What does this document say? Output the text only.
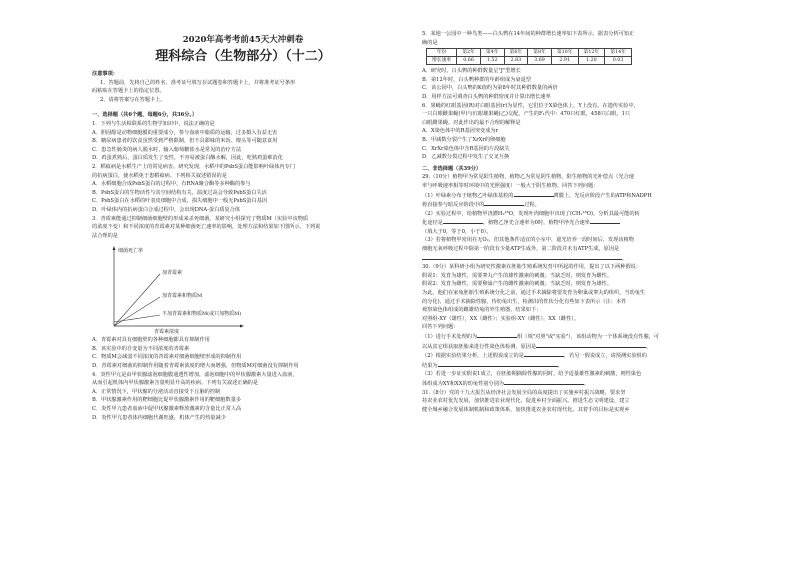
2020年高考考前45天大冲刺卷
理科综合（生物部分）（十二）

注意事项：

1、答题前，先将自己的姓名、准考证号填写在试题卷和答题卡上，并将准考证号条形

码粘贴在答题卡上的指定位置。

2、请将答案写在答题卡上。

一、选择题（共6个题，每题6分，共36分。）

1．下列与生活相联系的生物学知识中，说法正确的是

A．胆固醇是动物细胞膜的重要成分，参与血液中脂质的运输，过多摄入有益无害

B．糖尿病患者的饮食虽然受到严格限制，但不具甜味的米饭、馒头等可随意食用

C．患急性肠炎的病人脱水时，输入葡萄糖盐水是常见的治疗方法

D．鸡蛋煮熟后，蛋白质发生了变性，不容易被蛋白酶水解，因此，吃熟鸡蛋难消化

2．稻瘟病是水稻生产上的常见病害。研究发现，水稻中的PsbS蛋白能影响叶绿体内专门

的抗病蛋白，使水稻免于患稻瘟病。下列相关叙述错误的是

A．水稻细胞合成PsbS蛋白的过程中，有RNA聚合酶等多种酶的参与

B．PsbS蛋白的生物活性与其空间结构有关，温度过高会导致PsbS蛋白失活

C．PsbS蛋白在水稻的叶表皮细胞中合成，损失细胞中一般无PsbS蛋白基因

D．叶绿体内的抗病蛋白合成过程中，会出现DNA-蛋白质复合体

3．青霉素能通过抑制细菌细胞壁的形成来杀死细菌。某研究小组探究了物质M（实验中该物质

的浓度不变）和不同浓度的青霉素对某种细菌死亡速率的影响，处理方法和结果如下图所示。下列说

法合理的是

细菌死亡率
青霉素浓度
加青霉素
加青霉素和物质M
不加青霉素和物质M(或只加物质M)

A．青霉素对具有细胞壁的各种细胞都具有抑制作用

B．该实验中的自变量为不同浓度的青霉素

C．物质M会减弱不同浓度的青霉素对细菌细胞壁形成的抑制作用

D．青霉素对细菌的抑制作用随着青霉素浓度的增大而增强，但物质M对细菌没有抑制作用

4．炎性甲亢是由甲状腺滤泡细胞膜通透性增加，滤泡细胞中的甲状腺激素大量进入血液，

从而引起机体内甲状腺激素含量明显升高的疾病。下列有关叙述正确的是

A．正常情况下，甲状腺的分泌活动直接受下丘脑的控制

B．甲状腺激素作用的靶细胞比促甲状腺激素作用的靶细胞数量多

C．炎性甲亢患者血液中促甲状腺激素释放激素的含量比正常人高

D．炎性甲亢患者体内细胞代谢旺盛，机体产生的热量减少

5．某地一公园中一种鸟类——白头鹎在14年间的种群增长速率如下表所示，据表分析可知正

确的是

年份	第2年	第4年	第6年	第8年	第10年	第12年	第14年
增长速率	0.66	1.52	2.83	3.69	2.91	1.20	0.03

A．研究时，白头鹎的种群数量呈"J"型增长

B．第12年时，白头鹎种群的年龄组成为衰退型

C．该公园中，白头鹎的K值约为第8年时其种群数量的两倍

D．用样方法可调查白头鹎的种群密度并计算出增长速率

6．果蝇的红眼基因(R)对白眼基因(r)为显性，它们位于X染色体上，Y上没有。在遗传实验中，

一只白眼雌果蝇(甲)与红眼雄果蝇(乙)交配，产生的F₁代中：470只红眼，458只白眼，1只

白眼雌果蝇。对此作出的最不合理的解释是

A．X染色体中的R基因突变成为r

B．甲减数分裂产生了XrXr的卵细胞

C．XrXr染色体中含R基因的片段缺失

D．乙减数分裂过程中发生了交叉互换

二、非选择题（共39分）

29.（10分）植物甲为常见阳生植物，植物乙为常见阴生植物。阳生植物的光补偿点（光合速

率与呼吸速率相等时环境中的光照强度）一般大于阴生植物。回答下列问题：

（1）叶绿素分布于植物乙叶绿体基粒的	薄膜上，光反应阶段产生的ATP和NADPH

将直接参与暗反应阶段中的	过程。

（2）实验过程中，给植物甲浇灌H₂¹⁸O，发现叶肉细胞中出现了(CH₂¹⁸O)。分析其最可能的转

化途径是	。植物乙净光合速率为0时，植物甲净光合速率

（填大于0，等于0，小于0）。

（3）若将植物甲密闭在无O₂，但其他条件适宜的小室中，遮光培养一段时间后，发现该植物

细胞无氧呼吸过程中除第一阶段有少量ATP生成外，第二阶段并未有ATP生成，原因是

。

30.（9分）某科研小组为研究性激素在胚胎生殖系统发育中所起的作用，提出了以下两种假说：

假说1：发育为雄性，需要睾丸产生的雄性激素的刺激；当缺乏时，则发育为雌性。

假说2：发育为雌性，需要卵巢产生的雌性激素的刺激；当缺乏时，则发育为雄性。

为此，他们在家兔胚胎生殖系统分化之前，通过手术摘除将要发育为卵巢或睾丸的组织，当幼兔生

的分化)，通过手术摘除性腺，待幼兔出生，检测出的性状分化有些如下表所示（注：本件

观察染色体组成的雌雄幼兔的外生殖器，结果如下：

对照组-XY（雄性），XX（雌性）；实验组-XY（雌性），XX（雌性）。

回答下列问题：

（1）进行手术处理的为	组（填"对照"或"实验"），该组动物为一个体系统没有性腺，可

以从其它组获取胚胎来进行性染色体检测，原因是	。

（2）根据实验结果分析，上述假说成立的是	，若另一假说成立，请预测实验组的

结果为	。

（3）若进一步证实假说1成立，在胚胎期摘除性腺的同时，给予适量雄性激素的刺激，则性染色

体组成为XY和XX的幼兔性别分别为	。

31.（8分）党的十九大报告从经济社会发展全局的高度提出了实施乡村振兴战略，要求坚

持农业农村优先发展，加快推进农业现代化，促进乡村全面振兴。推进生态文明建设，建立

健全城乡融合发展体制机制和政策体系，加快推进农业农村现代化。其着手的目标是实现乡
